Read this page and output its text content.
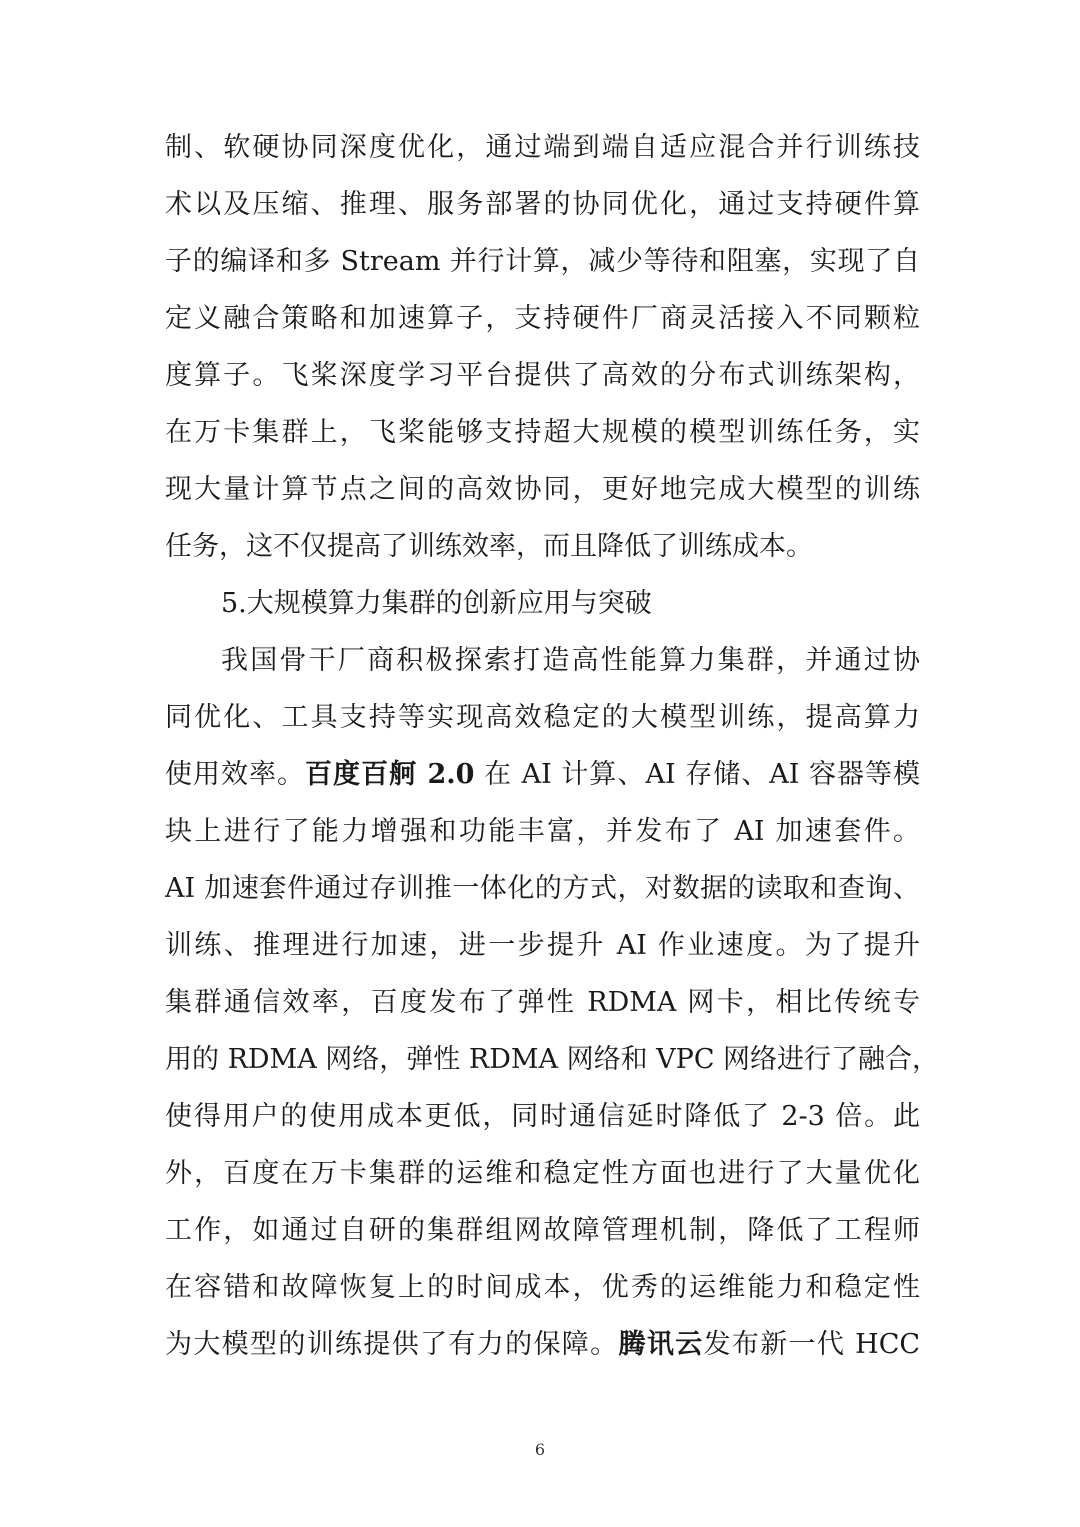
制、软硬协同深度优化，通过端到端自适应混合并行训练技
术以及压缩、推理、服务部署的协同优化，通过支持硬件算
子的编译和多 Stream 并行计算，减少等待和阻塞，实现了自
定义融合策略和加速算子，支持硬件厂商灵活接入不同颗粒
度算子。飞桨深度学习平台提供了高效的分布式训练架构，
在万卡集群上，飞桨能够支持超大规模的模型训练任务，实
现大量计算节点之间的高效协同，更好地完成大模型的训练
任务，这不仅提高了训练效率，而且降低了训练成本。
5.大规模算力集群的创新应用与突破
我国骨干厂商积极探索打造高性能算力集群，并通过协
同优化、工具支持等实现高效稳定的大模型训练，提高算力
使用效率。百度百舸 2.0 在 AI 计算、AI 存储、AI 容器等模
块上进行了能力增强和功能丰富，并发布了 AI 加速套件。
AI 加速套件通过存训推一体化的方式，对数据的读取和查询、
训练、推理进行加速，进一步提升 AI 作业速度。为了提升
集群通信效率，百度发布了弹性 RDMA 网卡，相比传统专
用的 RDMA 网络，弹性 RDMA 网络和 VPC 网络进行了融合，
使得用户的使用成本更低，同时通信延时降低了 2-3 倍。此
外，百度在万卡集群的运维和稳定性方面也进行了大量优化
工作，如通过自研的集群组网故障管理机制，降低了工程师
在容错和故障恢复上的时间成本，优秀的运维能力和稳定性
为大模型的训练提供了有力的保障。腾讯云发布新一代 HCC
6
